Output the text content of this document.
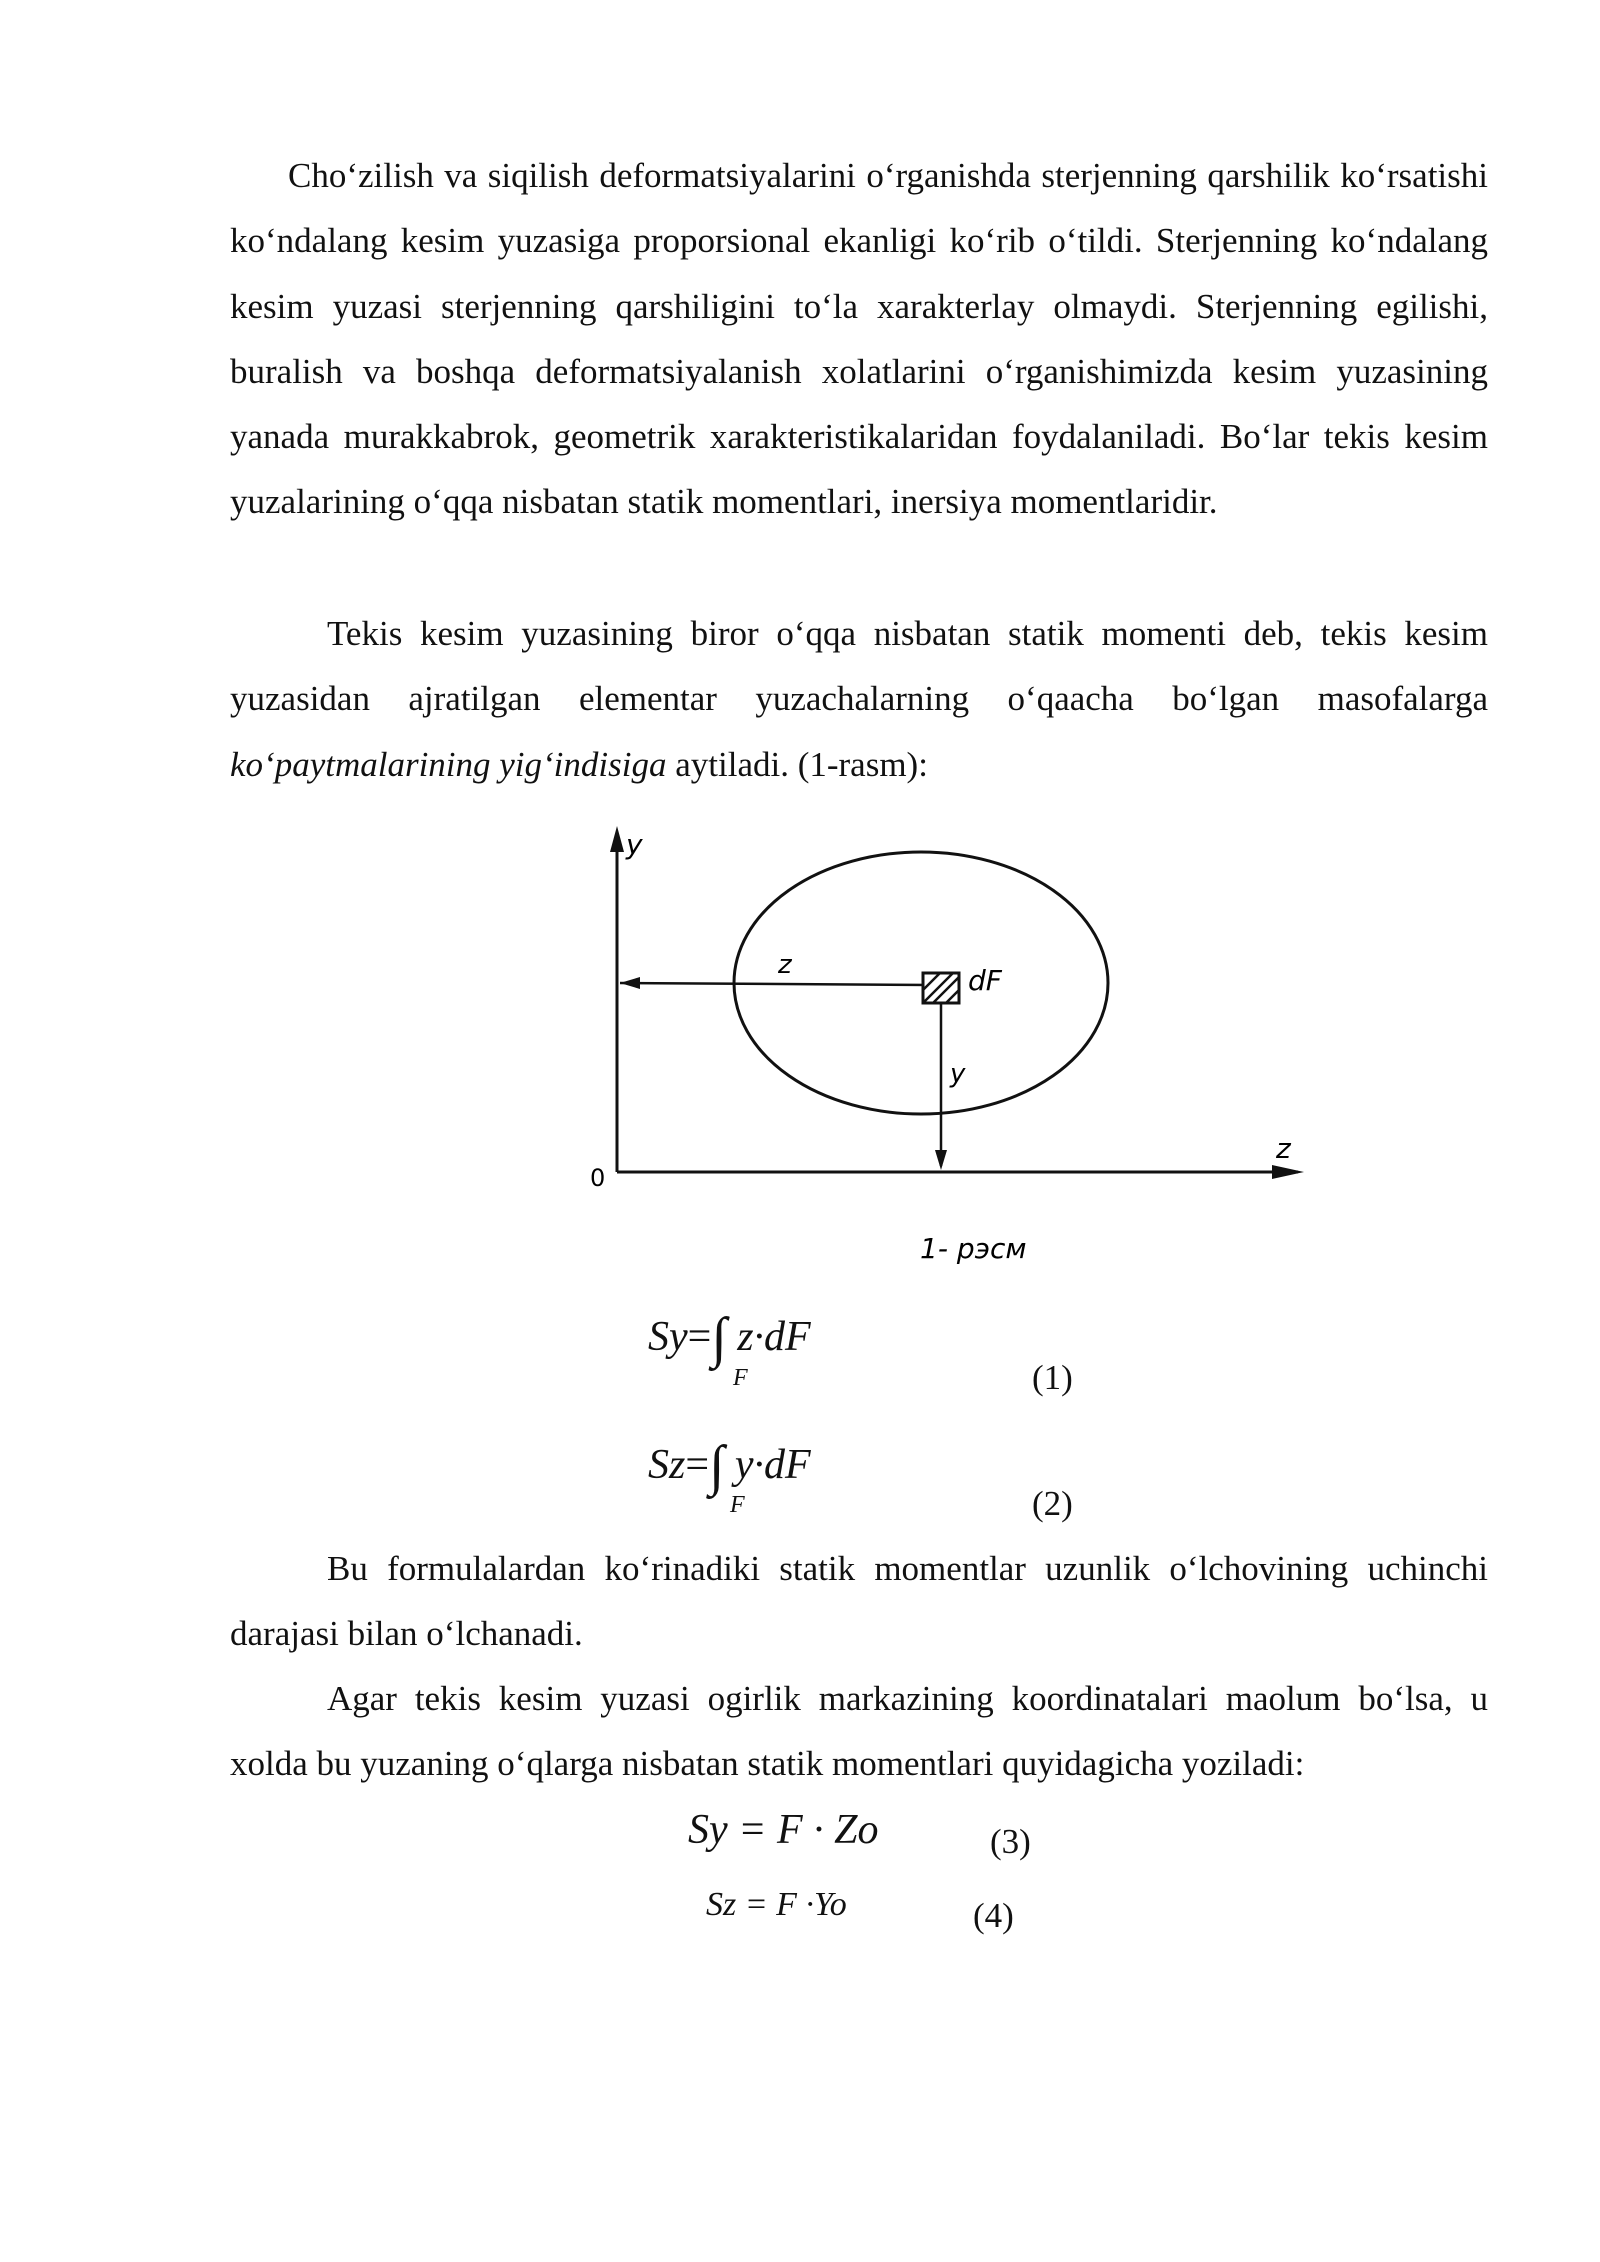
Cho‘zilish va siqilish deformatsiyalarini o‘rganishda sterjenning qarshilik ko‘rsatishi ko‘ndalang kesim yuzasiga proporsional ekanligi ko‘rib o‘tildi. Sterjenning ko‘ndalang kesim yuzasi sterjenning qarshiligini to‘la xarakterlay olmaydi. Sterjenning egilishi, buralish va boshqa deformatsiyalanish xolatlarini o‘rganishimizda kesim yuzasining yanada murakkabrok, geometrik xarakteristikalaridan foydalaniladi. Bo‘lar tekis kesim yuzalarining o‘qqa nisbatan statik momentlari, inersiya momentlaridir.

Tekis kesim yuzasining biror o‘qqa nisbatan statik momenti deb, tekis kesim yuzasidan ajratilgan elementar yuzachalarning o‘qaacha bo‘lgan masofalarga ko‘paytmalarining yig‘indisiga aytiladi. (1-rasm):

y
z
0
z	dF
y
1- рэсм
Sy=∫ z·dF
F	(1)
Sz=∫ y·dF
F	(2)

Bu formulalardan ko‘rinadiki statik momentlar uzunlik o‘lchovining uchinchi darajasi bilan o‘lchanadi.

Agar tekis kesim yuzasi ogirlik markazining koordinatalari maolum bo‘lsa, u xolda bu yuzaning o‘qlarga nisbatan statik momentlari quyidagicha yoziladi:

Sy = F · Zo	(3)
Sz = F ·Yo	(4)
